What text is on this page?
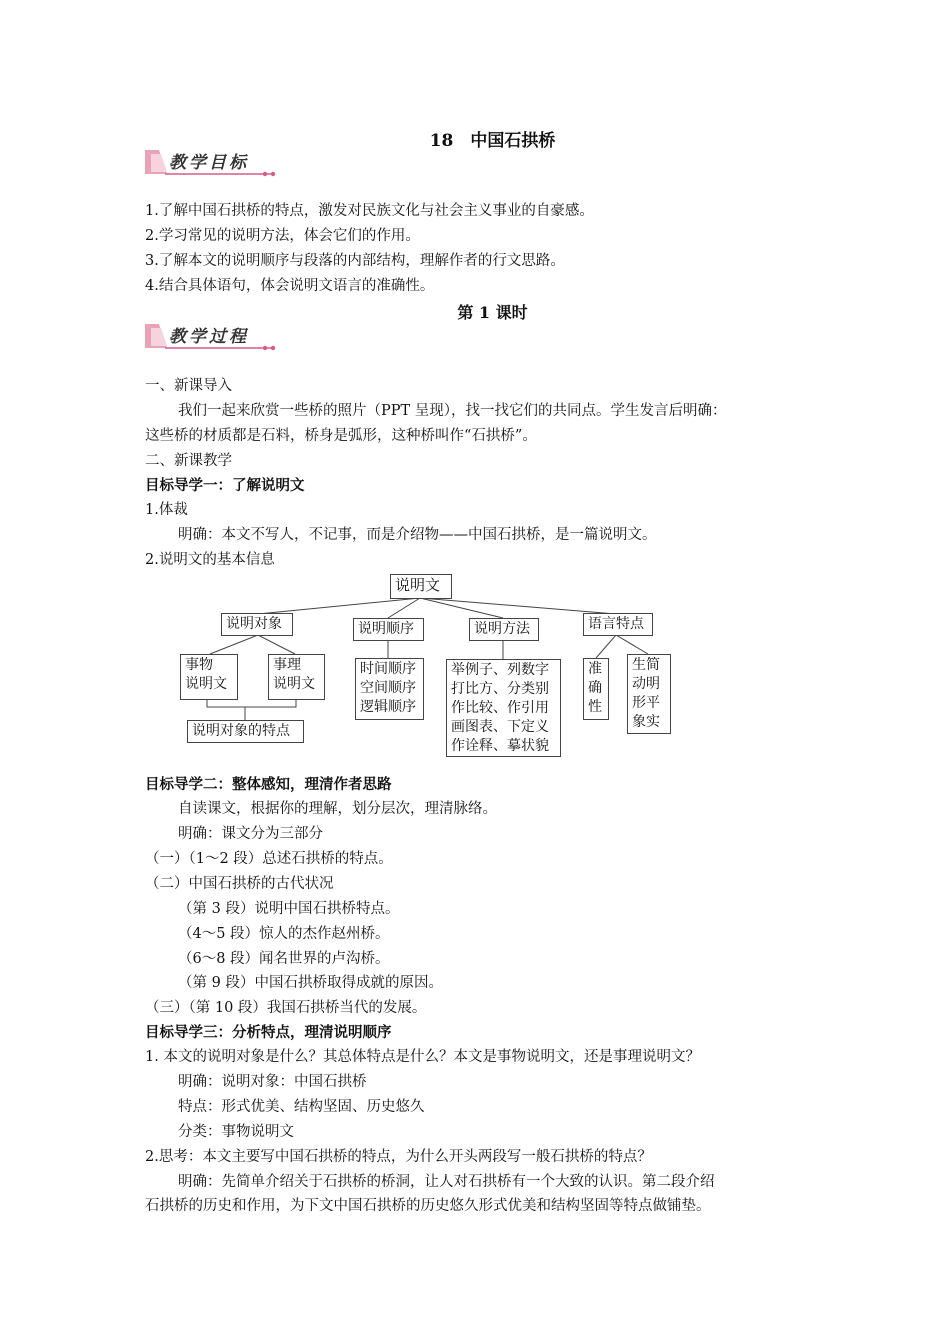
18　中国石拱桥
教学目标
1.了解中国石拱桥的特点，激发对民族文化与社会主义事业的自豪感。
2.学习常见的说明方法，体会它们的作用。
3.了解本文的说明顺序与段落的内部结构，理解作者的行文思路。
4.结合具体语句，体会说明文语言的准确性。
第 1 课时
教学过程
一、新课导入
我们一起来欣赏一些桥的照片（PPT 呈现），找一找它们的共同点。学生发言后明确：
这些桥的材质都是石料，桥身是弧形，这种桥叫作“石拱桥”。
二、新课教学
目标导学一：了解说明文
1.体裁
明确：本文不写人，不记事，而是介绍物——中国石拱桥，是一篇说明文。
2.说明文的基本信息
说明文
说明对象	说明顺序	说明方法	语言特点
事物
说明文
事理
说明文
说明对象的特点
时间顺序
空间顺序
逻辑顺序
举例子、列数字
打比方、分类别
作比较、作引用
画图表、下定义
作诠释、摹状貌
准
确
性
生简
动明
形平
象实
目标导学二：整体感知，理清作者思路
自读课文，根据你的理解，划分层次，理清脉络。
明确：课文分为三部分
（一）（1～2 段）总述石拱桥的特点。
（二）中国石拱桥的古代状况
（第 3 段）说明中国石拱桥特点。
（4～5 段）惊人的杰作赵州桥。
（6～8 段）闻名世界的卢沟桥。
（第 9 段）中国石拱桥取得成就的原因。
（三）（第 10 段）我国石拱桥当代的发展。
目标导学三：分析特点，理清说明顺序
1. 本文的说明对象是什么？其总体特点是什么？本文是事物说明文，还是事理说明文？
明确：说明对象：中国石拱桥
特点：形式优美、结构坚固、历史悠久
分类：事物说明文
2.思考：本文主要写中国石拱桥的特点，为什么开头两段写一般石拱桥的特点？
明确：先简单介绍关于石拱桥的桥洞，让人对石拱桥有一个大致的认识。第二段介绍
石拱桥的历史和作用，为下文中国石拱桥的历史悠久形式优美和结构坚固等特点做铺垫。
